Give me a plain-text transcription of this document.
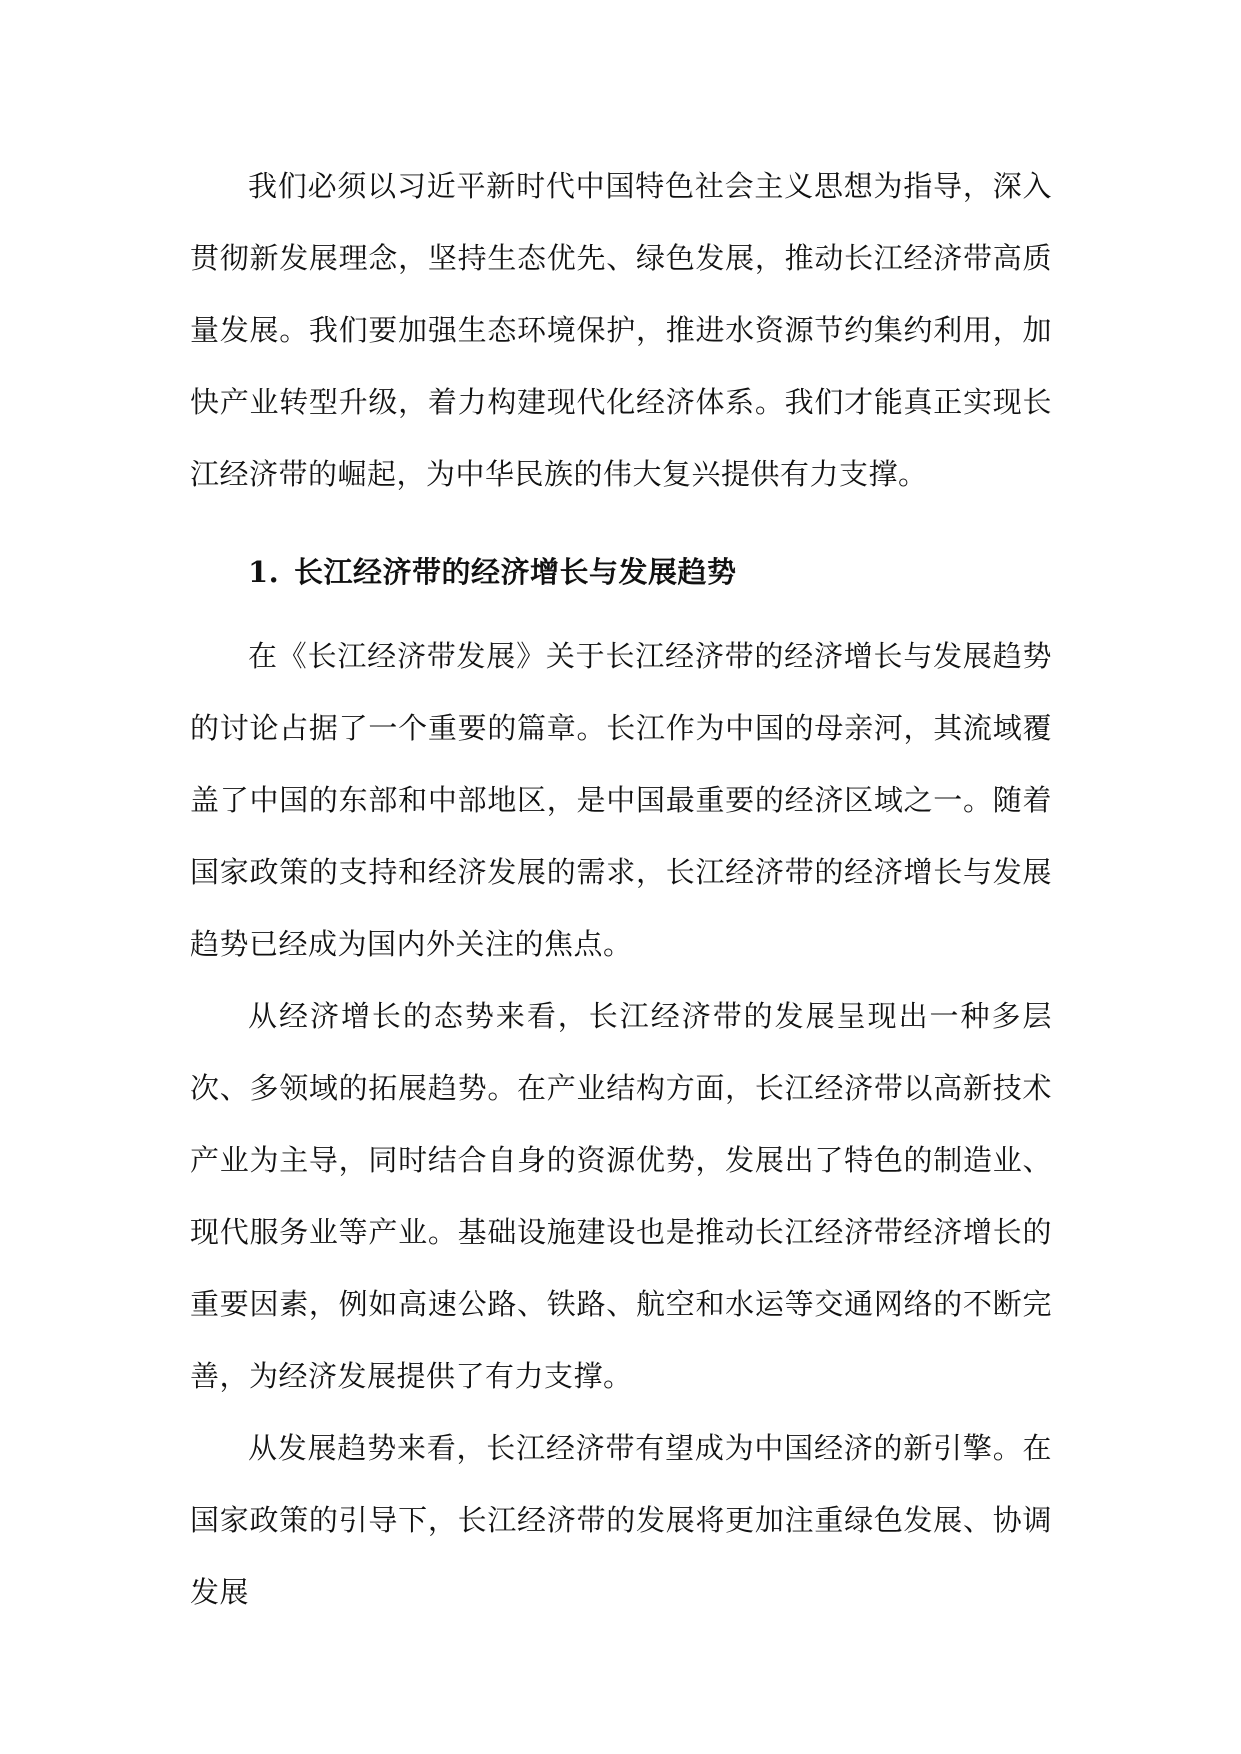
我们必须以习近平新时代中国特色社会主义思想为指导，深入贯彻新发展理念，坚持生态优先、绿色发展，推动长江经济带高质量发展。我们要加强生态环境保护，推进水资源节约集约利用，加快产业转型升级，着力构建现代化经济体系。我们才能真正实现长江经济带的崛起，为中华民族的伟大复兴提供有力支撑。

1. 长江经济带的经济增长与发展趋势

在《长江经济带发展》关于长江经济带的经济增长与发展趋势的讨论占据了一个重要的篇章。长江作为中国的母亲河，其流域覆盖了中国的东部和中部地区，是中国最重要的经济区域之一。随着国家政策的支持和经济发展的需求，长江经济带的经济增长与发展趋势已经成为国内外关注的焦点。

从经济增长的态势来看，长江经济带的发展呈现出一种多层次、多领域的拓展趋势。在产业结构方面，长江经济带以高新技术产业为主导，同时结合自身的资源优势，发展出了特色的制造业、现代服务业等产业。基础设施建设也是推动长江经济带经济增长的重要因素，例如高速公路、铁路、航空和水运等交通网络的不断完善，为经济发展提供了有力支撑。

从发展趋势来看，长江经济带有望成为中国经济的新引擎。在国家政策的引导下，长江经济带的发展将更加注重绿色发展、协调发展
